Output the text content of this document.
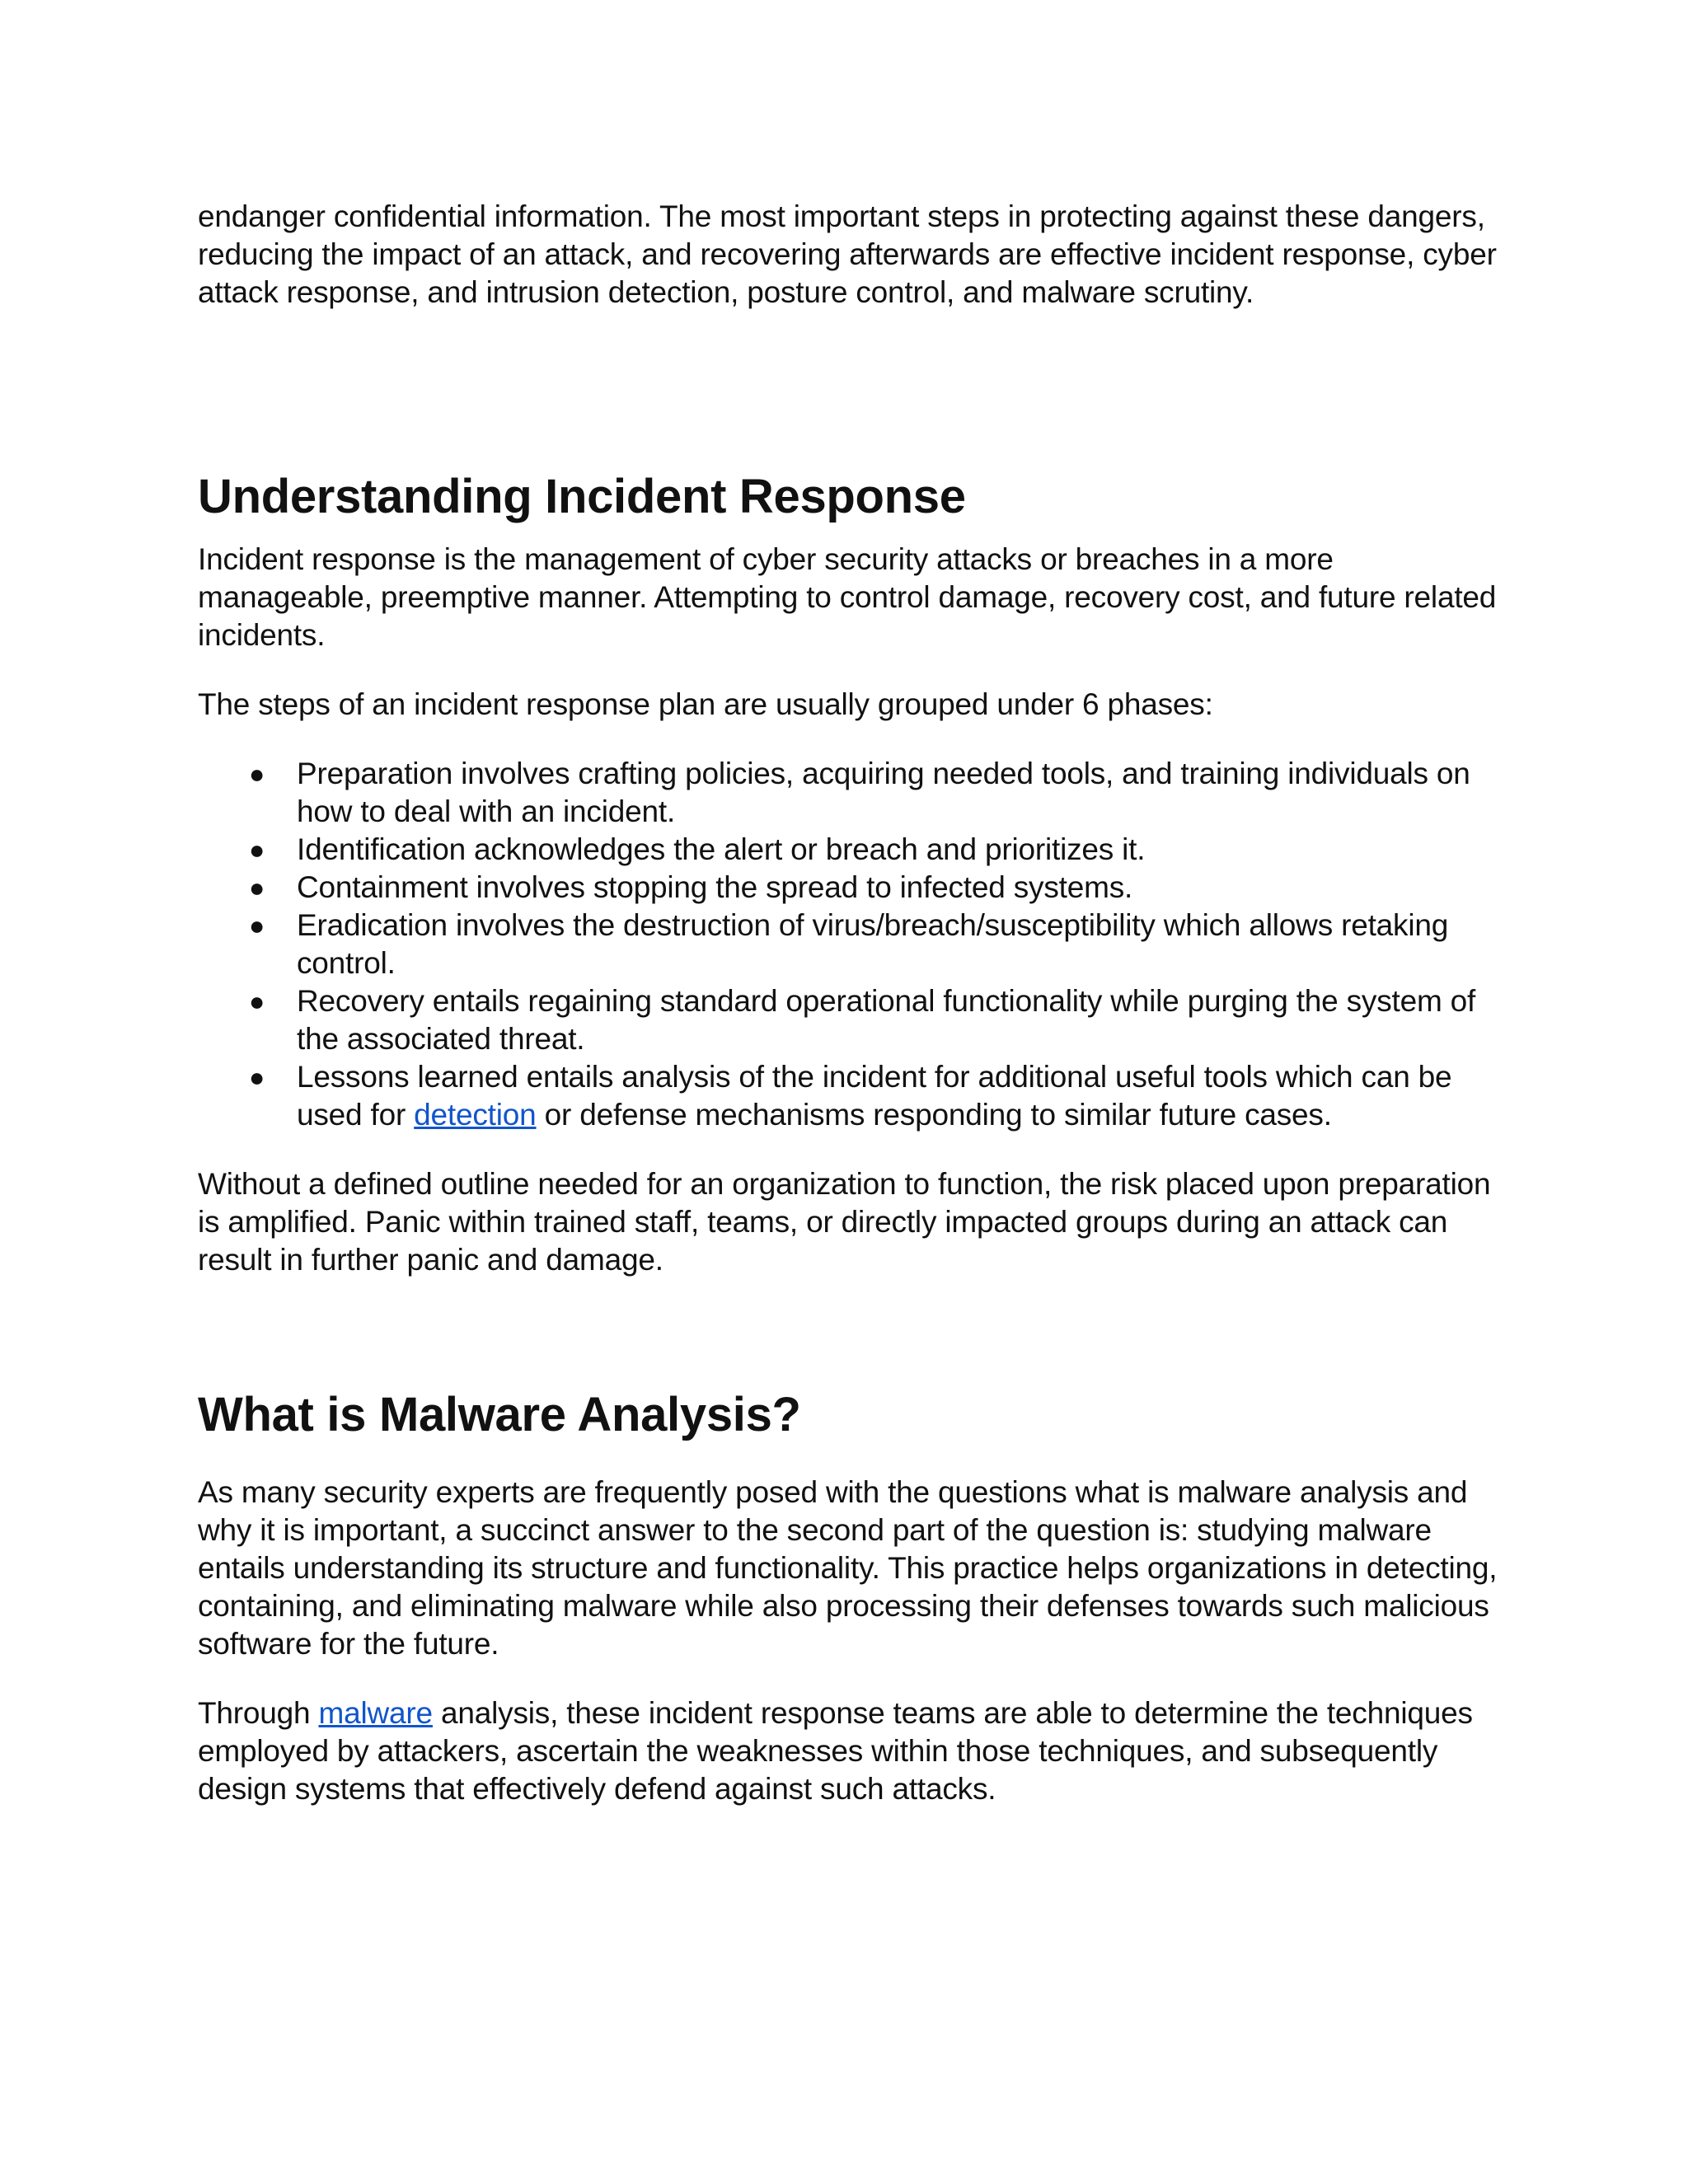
endanger confidential information. The most important steps in protecting against these dangers, reducing the impact of an attack, and recovering afterwards are effective incident response, cyber attack response, and intrusion detection, posture control, and malware scrutiny.

Understanding Incident Response

Incident response is the management of cyber security attacks or breaches in a more manageable, preemptive manner. Attempting to control damage, recovery cost, and future related incidents.

The steps of an incident response plan are usually grouped under 6 phases:

● Preparation involves crafting policies, acquiring needed tools, and training individuals on how to deal with an incident.
● Identification acknowledges the alert or breach and prioritizes it.
● Containment involves stopping the spread to infected systems.
● Eradication involves the destruction of virus/breach/susceptibility which allows retaking control.
● Recovery entails regaining standard operational functionality while purging the system of the associated threat.
● Lessons learned entails analysis of the incident for additional useful tools which can be used for detection or defense mechanisms responding to similar future cases.

Without a defined outline needed for an organization to function, the risk placed upon preparation is amplified. Panic within trained staff, teams, or directly impacted groups during an attack can result in further panic and damage.

What is Malware Analysis?

As many security experts are frequently posed with the questions what is malware analysis and why it is important, a succinct answer to the second part of the question is: studying malware entails understanding its structure and functionality. This practice helps organizations in detecting, containing, and eliminating malware while also processing their defenses towards such malicious software for the future.

Through malware analysis, these incident response teams are able to determine the techniques employed by attackers, ascertain the weaknesses within those techniques, and subsequently design systems that effectively defend against such attacks.
